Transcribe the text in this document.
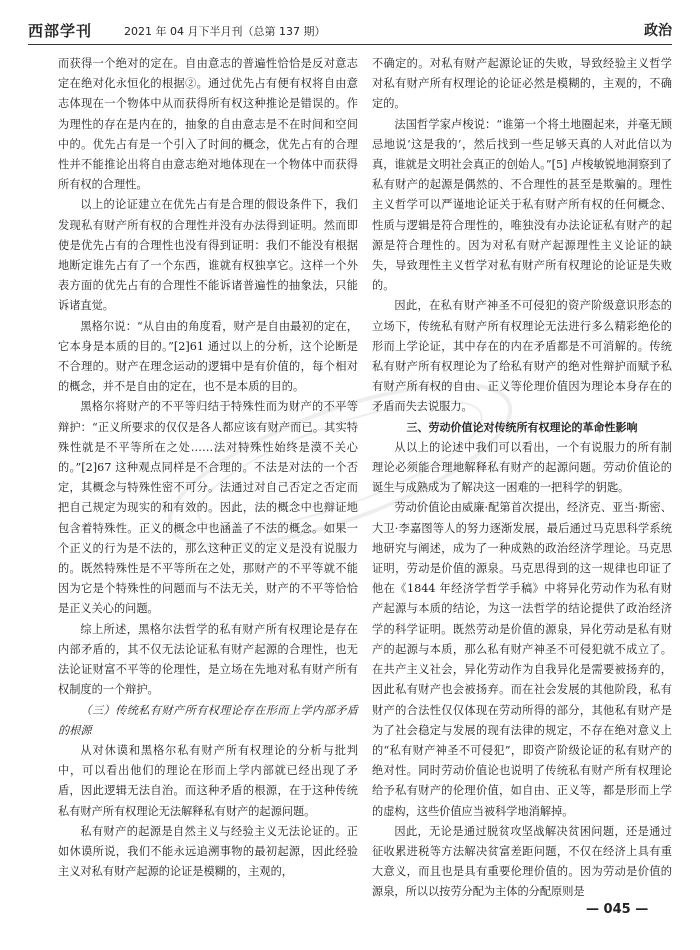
西部学刊	2021 年 04 月下半月刊（总第 137 期）	政治

而获得一个绝对的定在。自由意志的普遍性恰恰是反对意志定在绝对化永恒化的根据②。通过优先占有便有权将自由意志体现在一个物体中从而获得所有权这种推论是错误的。作为理性的存在是内在的，抽象的自由意志是不在时间和空间中的。优先占有是一个引入了时间的概念，优先占有的合理性并不能推论出将自由意志绝对地体现在一个物体中而获得所有权的合理性。

以上的论证建立在优先占有是合理的假设条件下，我们发现私有财产所有权的合理性并没有办法得到证明。然而即使是优先占有的合理性也没有得到证明：我们不能没有根据地断定谁先占有了一个东西，谁就有权独享它。这样一个外表方面的优先占有的合理性不能诉诸普遍性的抽象法，只能诉诸直觉。

黑格尔说：“从自由的角度看，财产是自由最初的定在，它本身是本质的目的。”[2]61 通过以上的分析，这个论断是不合理的。财产在理念运动的逻辑中是有价值的，每个相对的概念，并不是自由的定在，也不是本质的目的。

黑格尔将财产的不平等归结于特殊性而为财产的不平等辩护：“正义所要求的仅仅是各人都应该有财产而已。其实特殊性就是不平等所在之处……法对特殊性始终是漠不关心的。”[2]67 这种观点同样是不合理的。不法是对法的一个否定，其概念与特殊性密不可分。法通过对自己否定之否定而把自己规定为现实的和有效的。因此，法的概念中也辩证地包含着特殊性。正义的概念中也涵盖了不法的概念。如果一个正义的行为是不法的，那么这种正义的定义是没有说服力的。既然特殊性是不平等所在之处，那财产的不平等就不能因为它是个特殊性的问题而与不法无关，财产的不平等恰恰是正义关心的问题。

综上所述，黑格尔法哲学的私有财产所有权理论是存在内部矛盾的，其不仅无法论证私有财产起源的合理性，也无法论证财富不平等的伦理性，是立场在先地对私有财产所有权制度的一个辩护。

（三）传统私有财产所有权理论存在形而上学内部矛盾的根源

从对休谟和黑格尔私有财产所有权理论的分析与批判中，可以看出他们的理论在形而上学内部就已经出现了矛盾，因此逻辑无法自治。而这种矛盾的根源，在于这种传统私有财产所有权理论无法解释私有财产的起源问题。

私有财产的起源是自然主义与经验主义无法论证的。正如休谟所说，我们不能永远追溯事物的最初起源，因此经验主义对私有财产起源的论证是模糊的，主观的，

不确定的。对私有财产起源论证的失败，导致经验主义哲学对私有财产所有权理论的论证必然是模糊的，主观的，不确定的。

法国哲学家卢梭说：“谁第一个将土地圈起来，并毫无顾忌地说‘这是我的’，然后找到一些足够天真的人对此信以为真，谁就是文明社会真正的创始人。”[5] 卢梭敏锐地洞察到了私有财产的起源是偶然的、不合理性的甚至是欺骗的。理性主义哲学可以严谨地论证关于私有财产所有权的任何概念、性质与逻辑是符合理性的，唯独没有办法论证私有财产的起源是符合理性的。因为对私有财产起源理性主义论证的缺失，导致理性主义哲学对私有财产所有权理论的论证是失败的。

因此，在私有财产神圣不可侵犯的资产阶级意识形态的立场下，传统私有财产所有权理论无法进行多么精彩绝伦的形而上学论证，其中存在的内在矛盾都是不可消解的。传统私有财产所有权理论为了给私有财产的绝对性辩护而赋予私有财产所有权的自由、正义等伦理价值因为理论本身存在的矛盾而失去说服力。

三、劳动价值论对传统所有权理论的革命性影响

从以上的论述中我们可以看出，一个有说服力的所有制理论必须能合理地解释私有财产的起源问题。劳动价值论的诞生与成熟成为了解决这一困难的一把科学的钥匙。

劳动价值论由威廉·配第首次提出，经济克、亚当·斯密、大卫·李嘉图等人的努力逐渐发展，最后通过马克思科学系统地研究与阐述，成为了一种成熟的政治经济学理论。马克思证明，劳动是价值的源泉。马克思得到的这一规律也印证了他在《1844 年经济学哲学手稿》中将异化劳动作为私有财产起源与本质的结论，为这一法哲学的结论提供了政治经济学的科学证明。既然劳动是价值的源泉，异化劳动是私有财产的起源与本质，那么私有财产神圣不可侵犯就不成立了。在共产主义社会，异化劳动作为自我异化是需要被扬弃的，因此私有财产也会被扬弃。而在社会发展的其他阶段，私有财产的合法性仅仅体现在劳动所得的部分，其他私有财产是为了社会稳定与发展的现有法律的规定，不存在绝对意义上的“私有财产神圣不可侵犯”，即资产阶级论证的私有财产的绝对性。同时劳动价值论也说明了传统私有财产所有权理论给予私有财产的伦理价值，如自由、正义等，都是形而上学的虚构，这些价值应当被科学地消解掉。

因此，无论是通过脱贫攻坚战解决贫困问题，还是通过征收累进税等方法解决贫富差距问题，不仅在经济上具有重大意义，而且也是具有重要伦理价值的。因为劳动是价值的源泉，所以以按劳分配为主体的分配原则是

— 045 —
